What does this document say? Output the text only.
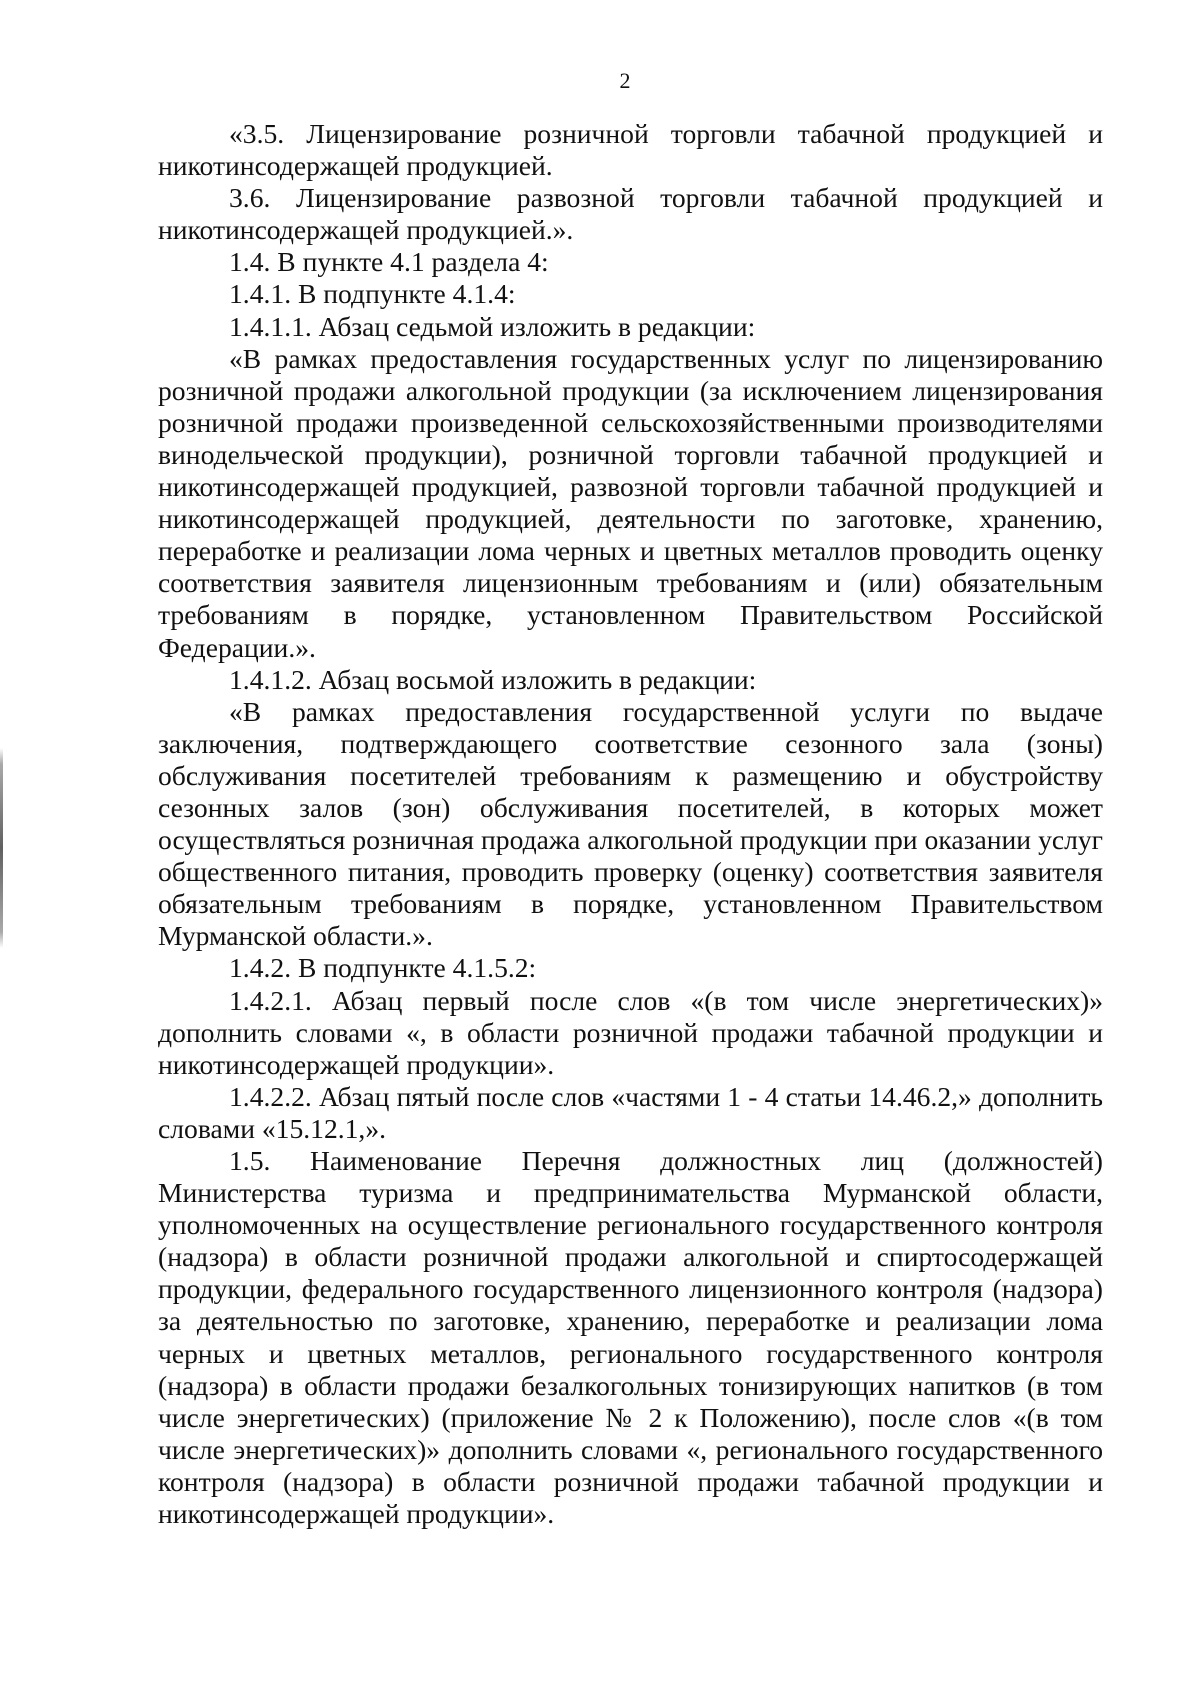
2

«3.5. Лицензирование розничной торговли табачной продукцией и никотинсодержащей продукцией.

3.6. Лицензирование развозной торговли табачной продукцией и никотинсодержащей продукцией.».

1.4. В пункте 4.1 раздела 4:

1.4.1. В подпункте 4.1.4:

1.4.1.1. Абзац седьмой изложить в редакции:

«В рамках предоставления государственных услуг по лицензированию розничной продажи алкогольной продукции (за исключением лицензирования розничной продажи произведенной сельскохозяйственными производителями винодельческой продукции), розничной торговли табачной продукцией и никотинсодержащей продукцией, развозной торговли табачной продукцией и никотинсодержащей продукцией, деятельности по заготовке, хранению, переработке и реализации лома черных и цветных металлов проводить оценку соответствия заявителя лицензионным требованиям и (или) обязательным требованиям в порядке, установленном Правительством Российской Федерации.».

1.4.1.2. Абзац восьмой изложить в редакции:

«В рамках предоставления государственной услуги по выдаче заключения, подтверждающего соответствие сезонного зала (зоны) обслуживания посетителей требованиям к размещению и обустройству сезонных залов (зон) обслуживания посетителей, в которых может осуществляться розничная продажа алкогольной продукции при оказании услуг общественного питания, проводить проверку (оценку) соответствия заявителя обязательным требованиям в порядке, установленном Правительством Мурманской области.».

1.4.2. В подпункте 4.1.5.2:

1.4.2.1. Абзац первый после слов «(в том числе энергетических)» дополнить словами «, в области розничной продажи табачной продукции и никотинсодержащей продукции».

1.4.2.2. Абзац пятый после слов «частями 1 - 4 статьи 14.46.2,» дополнить словами «15.12.1,».

1.5. Наименование Перечня должностных лиц (должностей) Министерства туризма и предпринимательства Мурманской области, уполномоченных на осуществление регионального государственного контроля (надзора) в области розничной продажи алкогольной и спиртосодержащей продукции, федерального государственного лицензионного контроля (надзора) за деятельностью по заготовке, хранению, переработке и реализации лома черных и цветных металлов, регионального государственного контроля (надзора) в области продажи безалкогольных тонизирующих напитков (в том числе энергетических) (приложение № 2 к Положению), после слов «(в том числе энергетических)» дополнить словами «, регионального государственного контроля (надзора) в области розничной продажи табачной продукции и никотинсодержащей продукции».
